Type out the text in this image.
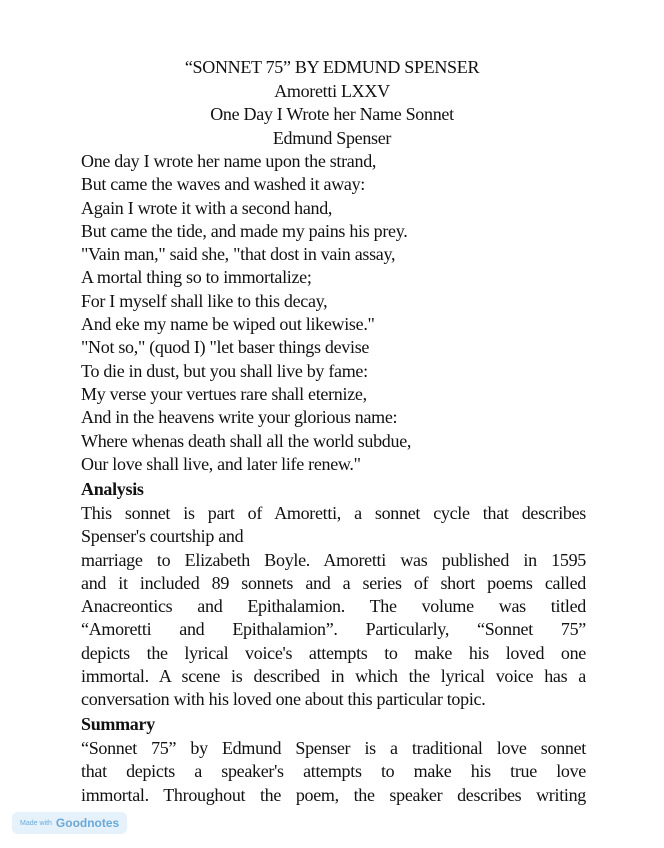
“SONNET 75” BY EDMUND SPENSER
Amoretti LXXV
One Day I Wrote her Name Sonnet
Edmund Spenser
One day I wrote her name upon the strand,
But came the waves and washed it away:
Again I wrote it with a second hand,
But came the tide, and made my pains his prey.
"Vain man," said she, "that dost in vain assay,
A mortal thing so to immortalize;
For I myself shall like to this decay,
And eke my name be wiped out likewise."
"Not so," (quod I) "let baser things devise
To die in dust, but you shall live by fame:
My verse your vertues rare shall eternize,
And in the heavens write your glorious name:
Where whenas death shall all the world subdue,
Our love shall live, and later life renew."
Analysis
This sonnet is part of Amoretti, a sonnet cycle that describes
Spenser's courtship and
marriage to Elizabeth Boyle. Amoretti was published in 1595
and it included 89 sonnets and a series of short poems called
Anacreontics and Epithalamion. The volume was titled
“Amoretti and Epithalamion”. Particularly, “Sonnet 75”
depicts the lyrical voice's attempts to make his loved one
immortal. A scene is described in which the lyrical voice has a
conversation with his loved one about this particular topic.
Summary
“Sonnet 75” by Edmund Spenser is a traditional love sonnet
that depicts a speaker's attempts to make his true love
immortal. Throughout the poem, the speaker describes writing
Made with Goodnotes
